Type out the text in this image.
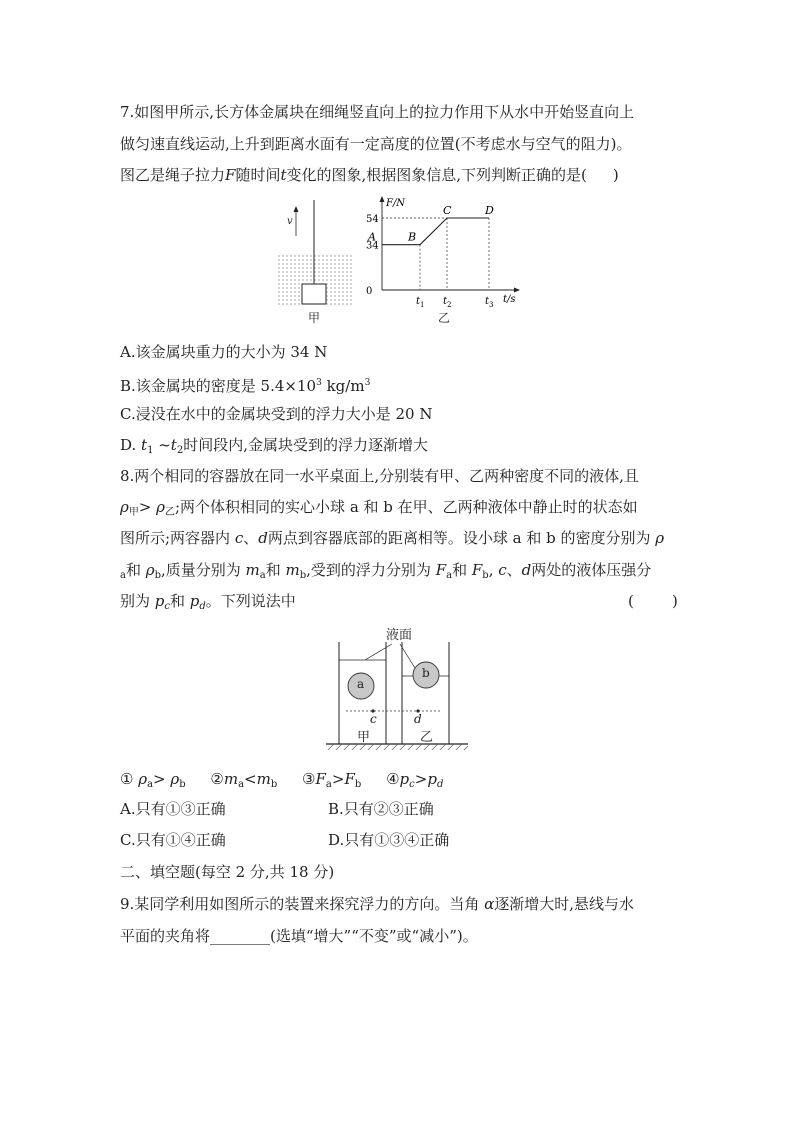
7.如图甲所示,长方体金属块在细绳竖直向上的拉力作用下从水中开始竖直向上
做匀速直线运动,上升到距离水面有一定高度的位置(不考虑水与空气的阻力)。
图乙是绳子拉力F随时间t变化的图象,根据图象信息,下列判断正确的是( )
v
甲
F/N
t/s
54
34
0
$t_1$ $t_2$	$t_3$
A	B
C	D
乙
A.该金属块重力的大小为 34 N
B.该金属块的密度是 $5.4\times 10^3$ $kg/m^3$
C.浸没在水中的金属块受到的浮力大小是 20 N
D. $t_1$ $\sim t_2$时间段内,金属块受到的浮力逐渐增大
8.两个相同的容器放在同一水平桌面上,分别装有甲、乙两种密度不同的液体,且
$\rho_甲> \rho_乙$;两个体积相同的实心小球 a 和 b 在甲、乙两种液体中静止时的状态如
图所示;两容器内 c、d两点到容器底部的距离相等。设小球 a 和 b 的密度分别为 ρ
$_a$和 $\rho_b$,质量分别为 $m_a$和 $m_b$,受到的浮力分别为 $F_a$和 $F_b$, c、d两处的液体压强分
别为 $p_c$和 $p_d$。下列说法中	(        )
液面
a
b
c	d
甲	乙
① $\rho_a> \rho_b$ $②m_a<m_b$ $③F_a>F_b$ $④p_c>p_d$
A.只有①③正确	B.只有②③正确
C.只有①④正确	D.只有①③④正确
二、填空题(每空 2 分,共 18 分)
9.某同学利用如图所示的装置来探究浮力的方向。当角 α逐渐增大时,悬线与水
平面的夹角将________(选填“增大”“不变”或“减小”)。
